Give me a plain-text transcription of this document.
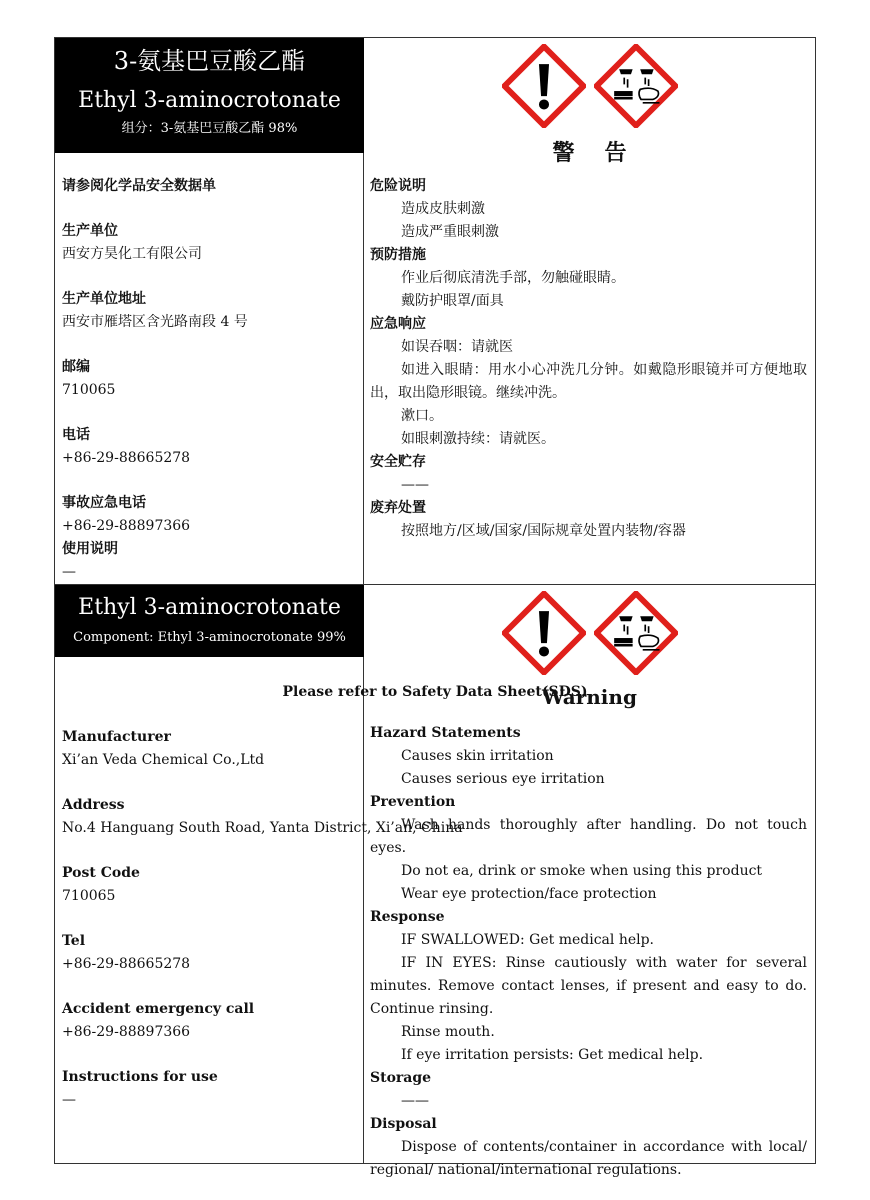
3-氨基巴豆酸乙酯
Ethyl 3-aminocrotonate
组分：3-氨基巴豆酸乙酯 98%
请参阅化学品安全数据单
生产单位
西安方昊化工有限公司
生产单位地址
西安市雁塔区含光路南段 4 号
邮编
710065
电话
+86-29-88665278
事故应急电话
+86-29-88897366
使用说明
—

警告
危险说明
造成皮肤刺激
造成严重眼刺激
预防措施
作业后彻底清洗手部，勿触碰眼睛。
戴防护眼罩/面具
应急响应
如误吞咽：请就医
如进入眼睛：用水小心冲洗几分钟。如戴隐形眼镜并可方便地取出，取出隐形眼镜。继续冲洗。
漱口。
如眼刺激持续：请就医。
安全贮存
——
废弃处置
按照地方/区域/国家/国际规章处置内装物/容器
Ethyl 3-aminocrotonate
Component: Ethyl 3-aminocrotonate 99%
Please refer to Safety Data Sheet(SDS)
Manufacturer
Xi’an Veda Chemical Co.,Ltd
Address
No.4 Hanguang South Road, Yanta District, Xi’an, China
Post Code
710065
Tel
+86-29-88665278
Accident emergency call
+86-29-88897366
Instructions for use
—

Warning
Hazard Statements
Causes skin irritation
Causes serious eye irritation
Prevention
Wash hands thoroughly after handling. Do not touch eyes.
Do not ea, drink or smoke when using this product
Wear eye protection/face protection
Response
IF SWALLOWED: Get medical help.
IF IN EYES: Rinse cautiously with water for several minutes. Remove contact lenses, if present and easy to do. Continue rinsing.
Rinse mouth.
If eye irritation persists: Get medical help.
Storage
——
Disposal
Dispose of contents/container in accordance with local/ regional/ national/international regulations.
